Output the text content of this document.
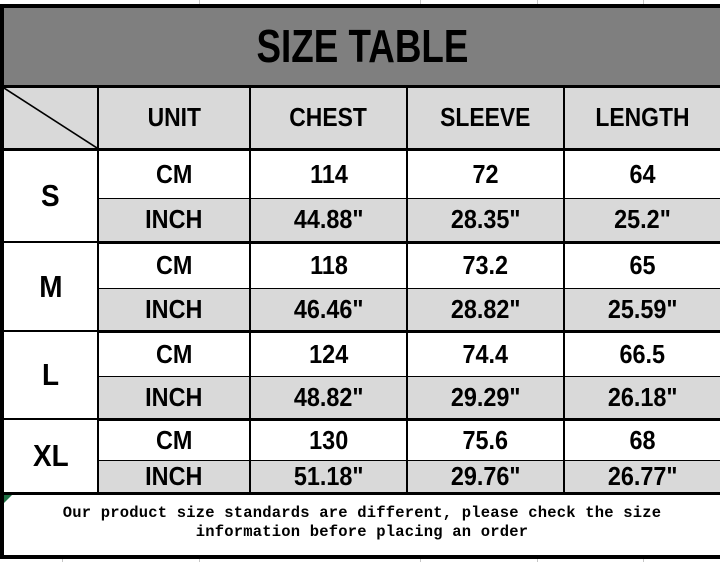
SIZE TABLE				

	UNIT	CHEST	SLEEVE	LENGTH
S	CM	114	72	64
	INCH	44.88"	28.35"	25.2"
M	CM	118	73.2	65
	INCH	46.46"	28.82"	25.59"
L	CM	124	74.4	66.5
	INCH	48.82"	29.29"	26.18"
XL	CM	130	75.6	68
	INCH	51.18"	29.76"	26.77"

Our product size standards are different, please check the size information before placing an order				
